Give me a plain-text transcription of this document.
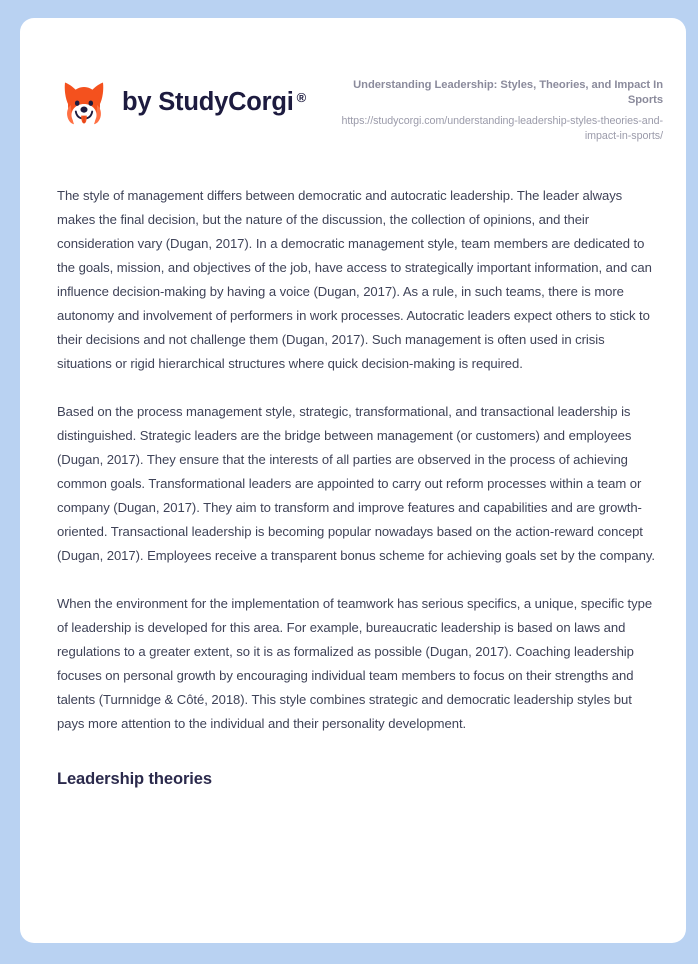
by StudyCorgi ®
Understanding Leadership: Styles, Theories, and Impact In Sports
https://studycorgi.com/understanding-leadership-styles-theories-and-impact-in-sports/

The style of management differs between democratic and autocratic leadership. The leader always makes the final decision, but the nature of the discussion, the collection of opinions, and their consideration vary (Dugan, 2017). In a democratic management style, team members are dedicated to the goals, mission, and objectives of the job, have access to strategically important information, and can influence decision-making by having a voice (Dugan, 2017). As a rule, in such teams, there is more autonomy and involvement of performers in work processes. Autocratic leaders expect others to stick to their decisions and not challenge them (Dugan, 2017). Such management is often used in crisis situations or rigid hierarchical structures where quick decision-making is required.

Based on the process management style, strategic, transformational, and transactional leadership is distinguished. Strategic leaders are the bridge between management (or customers) and employees (Dugan, 2017). They ensure that the interests of all parties are observed in the process of achieving common goals. Transformational leaders are appointed to carry out reform processes within a team or company (Dugan, 2017). They aim to transform and improve features and capabilities and are growth-oriented. Transactional leadership is becoming popular nowadays based on the action-reward concept (Dugan, 2017). Employees receive a transparent bonus scheme for achieving goals set by the company.

When the environment for the implementation of teamwork has serious specifics, a unique, specific type of leadership is developed for this area. For example, bureaucratic leadership is based on laws and regulations to a greater extent, so it is as formalized as possible (Dugan, 2017). Coaching leadership focuses on personal growth by encouraging individual team members to focus on their strengths and talents (Turnnidge & Côté, 2018). This style combines strategic and democratic leadership styles but pays more attention to the individual and their personality development.

Leadership theories
